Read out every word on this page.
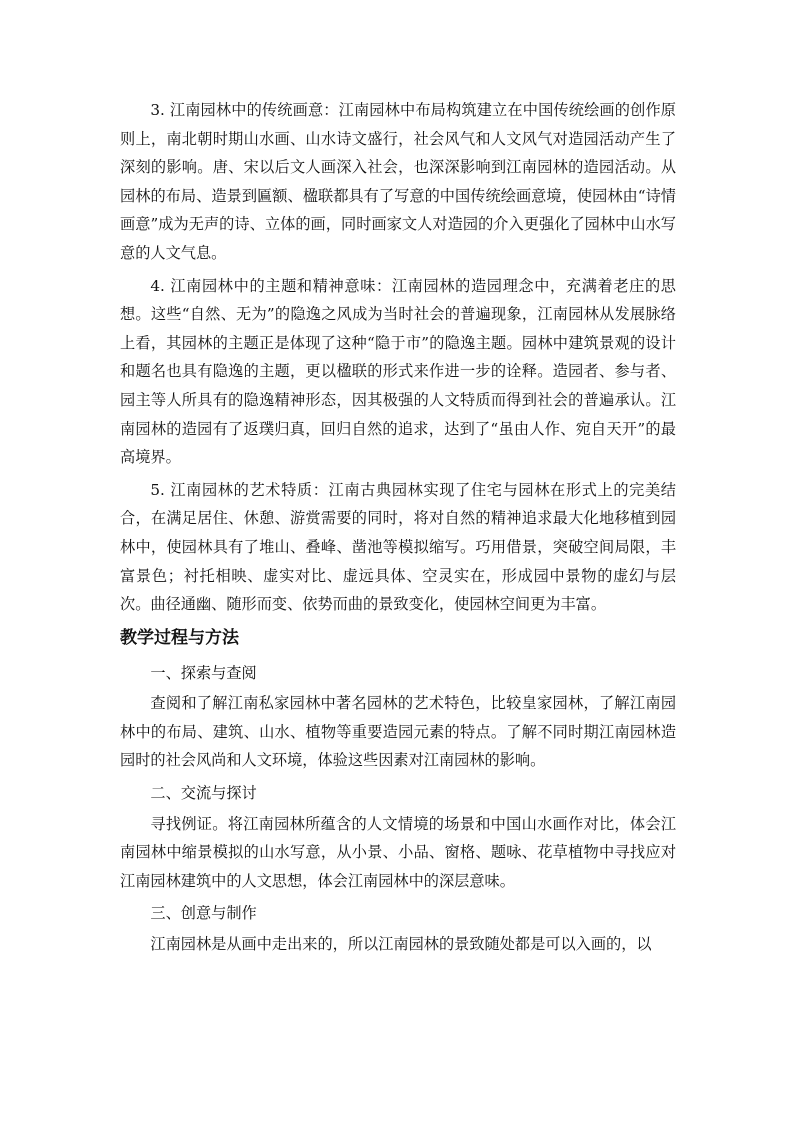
3. 江南园林中的传统画意：江南园林中布局构筑建立在中国传统绘画的创作原则上，南北朝时期山水画、山水诗文盛行，社会风气和人文风气对造园活动产生了深刻的影响。唐、宋以后文人画深入社会，也深深影响到江南园林的造园活动。从园林的布局、造景到匾额、楹联都具有了写意的中国传统绘画意境，使园林由“诗情画意”成为无声的诗、立体的画，同时画家文人对造园的介入更强化了园林中山水写意的人文气息。

4. 江南园林中的主题和精神意味：江南园林的造园理念中，充满着老庄的思想。这些“自然、无为”的隐逸之风成为当时社会的普遍现象，江南园林从发展脉络上看，其园林的主题正是体现了这种“隐于市”的隐逸主题。园林中建筑景观的设计和题名也具有隐逸的主题，更以楹联的形式来作进一步的诠释。造园者、参与者、园主等人所具有的隐逸精神形态，因其极强的人文特质而得到社会的普遍承认。江南园林的造园有了返璞归真，回归自然的追求，达到了“虽由人作、宛自天开”的最高境界。

5. 江南园林的艺术特质：江南古典园林实现了住宅与园林在形式上的完美结合，在满足居住、休憩、游赏需要的同时，将对自然的精神追求最大化地移植到园林中，使园林具有了堆山、叠峰、凿池等模拟缩写。巧用借景，突破空间局限，丰富景色；衬托相映、虚实对比、虚远具体、空灵实在，形成园中景物的虚幻与层次。曲径通幽、随形而变、依势而曲的景致变化，使园林空间更为丰富。

教学过程与方法

一、探索与查阅

查阅和了解江南私家园林中著名园林的艺术特色，比较皇家园林，了解江南园林中的布局、建筑、山水、植物等重要造园元素的特点。了解不同时期江南园林造园时的社会风尚和人文环境，体验这些因素对江南园林的影响。

二、交流与探讨

寻找例证。将江南园林所蕴含的人文情境的场景和中国山水画作对比，体会江南园林中缩景模拟的山水写意，从小景、小品、窗格、题咏、花草植物中寻找应对江南园林建筑中的人文思想，体会江南园林中的深层意味。

三、创意与制作

江南园林是从画中走出来的，所以江南园林的景致随处都是可以入画的，以
